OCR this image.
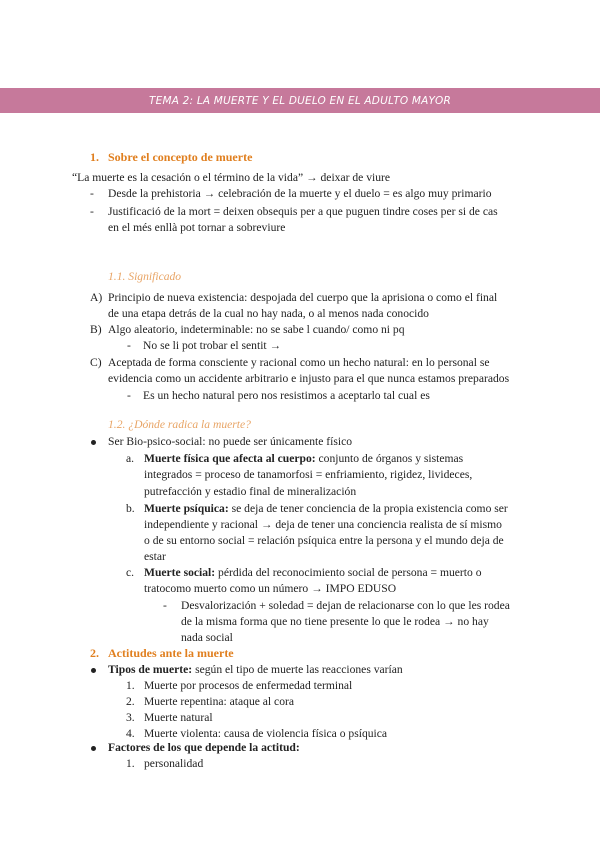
TEMA 2: LA MUERTE Y EL DUELO EN EL ADULTO MAYOR
1. Sobre el concepto de muerte
“La muerte es la cesación o el término de la vida” → deixar de viure
- Desde la prehistoria → celebración de la muerte y el duelo = es algo muy primario
- Justificació de la mort = deixen obsequis per a que puguen tindre coses per si de cas
en el més enllà pot tornar a sobreviure
1.1. Significado
A) Principio de nueva existencia: despojada del cuerpo que la aprisiona o como el final
de una etapa detrás de la cual no hay nada, o al menos nada conocido
B) Algo aleatorio, indeterminable: no se sabe l cuando/ como ni pq
- No se li pot trobar el sentit →
C) Aceptada de forma consciente y racional como un hecho natural: en lo personal se
evidencia como un accidente arbitrario e injusto para el que nunca estamos preparados
- Es un hecho natural pero nos resistimos a aceptarlo tal cual es
1.2. ¿Dónde radica la muerte?
Ser Bio-psico-social: no puede ser únicamente físico
a. Muerte física que afecta al cuerpo: conjunto de órganos y sistemas
integrados = proceso de tanamorfosi = enfriamiento, rigidez, livideces,
putrefacción y estadio final de mineralización
b. Muerte psíquica: se deja de tener conciencia de la propia existencia como ser
independiente y racional → deja de tener una conciencia realista de sí mismo
o de su entorno social = relación psíquica entre la persona y el mundo deja de
estar
c. Muerte social: pérdida del reconocimiento social de persona = muerto o
tratocomo muerto como un número → IMPO EDUSO
- Desvalorización + soledad = dejan de relacionarse con lo que les rodea
de la misma forma que no tiene presente lo que le rodea → no hay
nada social
2. Actitudes ante la muerte
Tipos de muerte: según el tipo de muerte las reacciones varían
1. Muerte por procesos de enfermedad terminal
2. Muerte repentina: ataque al cora
3. Muerte natural
4. Muerte violenta: causa de violencia física o psíquica
Factores de los que depende la actitud:
1. personalidad
